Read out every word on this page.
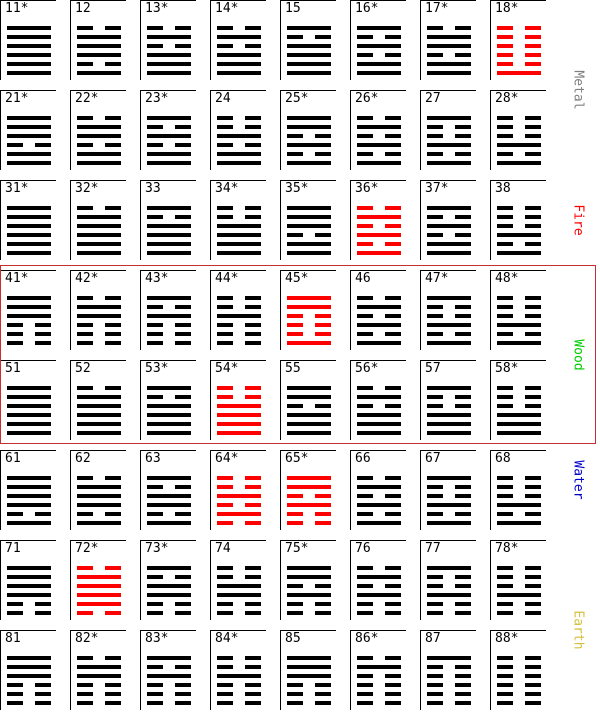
11*	12	13*	14*	15	16*	17*	18*
21*	22*	23*	24	25*	26*	27	28*
31*	32*	33	34*	35*	36*	37*	38
41*	42*	43*	44*	45*	46	47*	48*
51	52	53*	54*	55	56*	57	58*
61	62	63	64*	65*	66	67	68
71	72*	73*	74	75*	76	77	78*
81	82*	83*	84*	85	86*	87	88*
Metal
Fire
Wood
Water
Earth
